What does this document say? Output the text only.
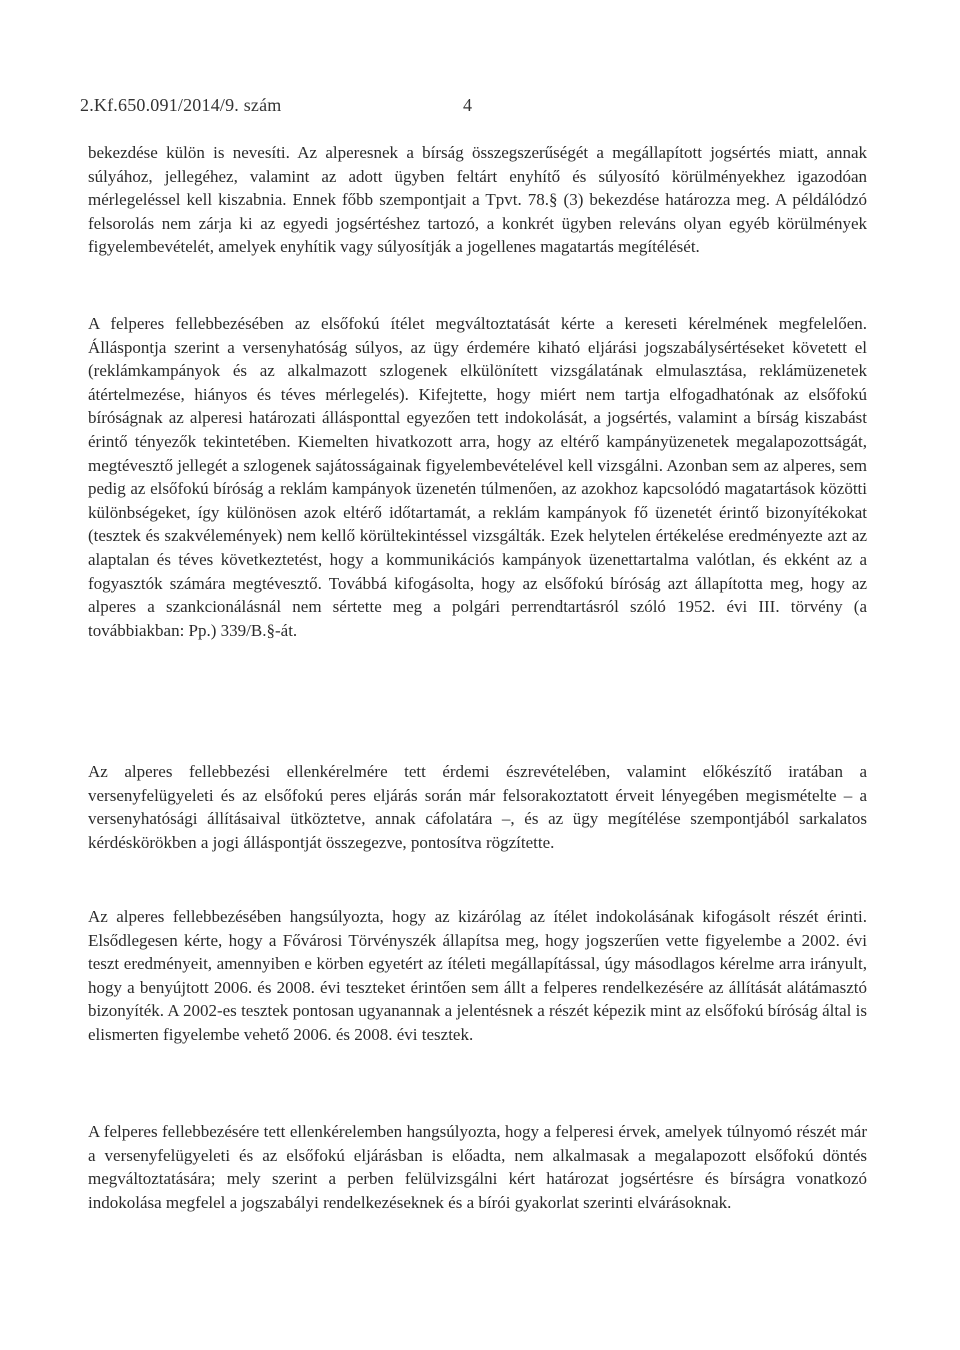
2.Kf.650.091/2014/9. szám	4

bekezdése külön is nevesíti. Az alperesnek a bírság összegszerűségét a megállapított jogsértés miatt, annak súlyához, jellegéhez, valamint az adott ügyben feltárt enyhítő és súlyosító körülményekhez igazodóan mérlegeléssel kell kiszabnia. Ennek főbb szempontjait a Tpvt. 78.§ (3) bekezdése határozza meg. A példálódzó felsorolás nem zárja ki az egyedi jogsértéshez tartozó, a konkrét ügyben releváns olyan egyéb körülmények figyelembevételét, amelyek enyhítik vagy súlyosítják a jogellenes magatartás megítélését.

A felperes fellebbezésében az elsőfokú ítélet megváltoztatását kérte a kereseti kérelmének megfelelően. Álláspontja szerint a versenyhatóság súlyos, az ügy érdemére kiható eljárási jogszabálysértéseket követett el (reklámkampányok és az alkalmazott szlogenek elkülönített vizsgálatának elmulasztása, reklámüzenetek átértelmezése, hiányos és téves mérlegelés). Kifejtette, hogy miért nem tartja elfogadhatónak az elsőfokú bíróságnak az alperesi határozati állásponttal egyezően tett indokolását, a jogsértés, valamint a bírság kiszabást érintő tényezők tekintetében. Kiemelten hivatkozott arra, hogy az eltérő kampányüzenetek megalapozottságát, megtévesztő jellegét a szlogenek sajátosságainak figyelembevételével kell vizsgálni. Azonban sem az alperes, sem pedig az elsőfokú bíróság a reklám kampányok üzenetén túlmenően, az azokhoz kapcsolódó magatartások közötti különbségeket, így különösen azok eltérő időtartamát, a reklám kampányok fő üzenetét érintő bizonyítékokat (tesztek és szakvélemények) nem kellő körültekintéssel vizsgálták. Ezek helytelen értékelése eredményezte azt az alaptalan és téves következtetést, hogy a kommunikációs kampányok üzenettartalma valótlan, és ekként az a fogyasztók számára megtévesztő. Továbbá kifogásolta, hogy az elsőfokú bíróság azt állapította meg, hogy az alperes a szankcionálásnál nem sértette meg a polgári perrendtartásról szóló 1952. évi III. törvény (a továbbiakban: Pp.) 339/B.§-át.

Az alperes fellebbezési ellenkérelmére tett érdemi észrevételében, valamint előkészítő iratában a versenyfelügyeleti és az elsőfokú peres eljárás során már felsorakoztatott érveit lényegében megismételte – a versenyhatósági állításaival ütköztetve, annak cáfolatára –, és az ügy megítélése szempontjából sarkalatos kérdéskörökben a jogi álláspontját összegezve, pontosítva rögzítette.

Az alperes fellebbezésében hangsúlyozta, hogy az kizárólag az ítélet indokolásának kifogásolt részét érinti. Elsődlegesen kérte, hogy a Fővárosi Törvényszék állapítsa meg, hogy jogszerűen vette figyelembe a 2002. évi teszt eredményeit, amennyiben e körben egyetért az ítéleti megállapítással, úgy másodlagos kérelme arra irányult, hogy a benyújtott 2006. és 2008. évi teszteket érintően sem állt a felperes rendelkezésére az állítását alátámasztó bizonyíték. A 2002-es tesztek pontosan ugyanannak a jelentésnek a részét képezik mint az elsőfokú bíróság által is elismerten figyelembe vehető 2006. és 2008. évi tesztek.

A felperes fellebbezésére tett ellenkérelemben hangsúlyozta, hogy a felperesi érvek, amelyek túlnyomó részét már a versenyfelügyeleti és az elsőfokú eljárásban is előadta, nem alkalmasak a megalapozott elsőfokú döntés megváltoztatására; mely szerint a perben felülvizsgálni kért határozat jogsértésre és bírságra vonatkozó indokolása megfelel a jogszabályi rendelkezéseknek és a bírói gyakorlat szerinti elvárásoknak.
